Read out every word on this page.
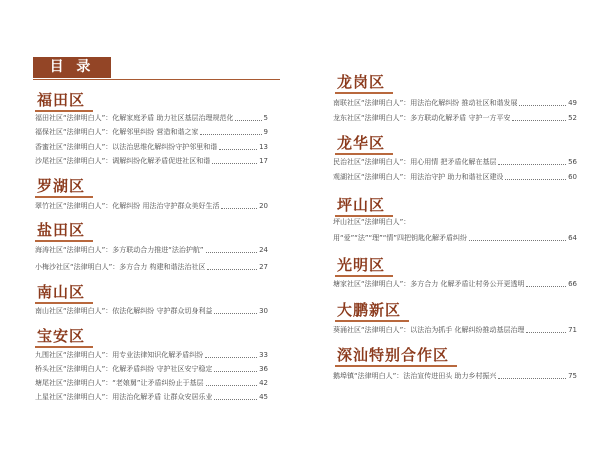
目 录
福田区
福田社区“法律明白人”：化解家庭矛盾 助力社区基层治理规范化	5
福保社区“法律明白人”：化解邻里纠纷 营造和谐之家	9
香蜜社区“法律明白人”：以法治思维化解纠纷守护邻里和谐	13
沙尾社区“法律明白人”：调解纠纷化解矛盾促进社区和谐	17
罗湖区
翠竹社区“法律明白人”：化解纠纷 用法治守护群众美好生活	20
盐田区
海涛社区“法律明白人”：多方联动合力推进“法治护航”	24
小梅沙社区“法律明白人”：多方合力 构建和谐法治社区	27
南山区
南山社区“法律明白人”：依法化解纠纷 守护群众切身利益	30
宝安区
九围社区“法律明白人”：用专业法律知识化解矛盾纠纷	33
桥头社区“法律明白人”：化解矛盾纠纷 守护社区安宁稳定	36
塘尾社区“法律明白人”：“老娘舅”让矛盾纠纷止于基层	42
上星社区“法律明白人”：用法治化解矛盾 让群众安居乐业	45
龙岗区
南联社区“法律明白人”：用法治化解纠纷 推动社区和谐发展	49
龙东社区“法律明白人”：多方联动化解矛盾 守护一方平安	52
龙华区
民治社区“法律明白人”：用心用情 把矛盾化解在基层	56
观湖社区“法律明白人”：用法治守护 助力和谐社区建设	60
坪山区
坪山社区“法律明白人”：
用“爱”“法”“理”“情”四把钥匙化解矛盾纠纷	64
光明区
塘家社区“法律明白人”：多方合力 化解矛盾让村务公开更透明	66
大鹏新区
葵涌社区“法律明白人”：以法治为抓手 化解纠纷推动基层治理	71
深汕特别合作区
鹅埠镇“法律明白人”：法治宣传进田头 助力乡村振兴	75
